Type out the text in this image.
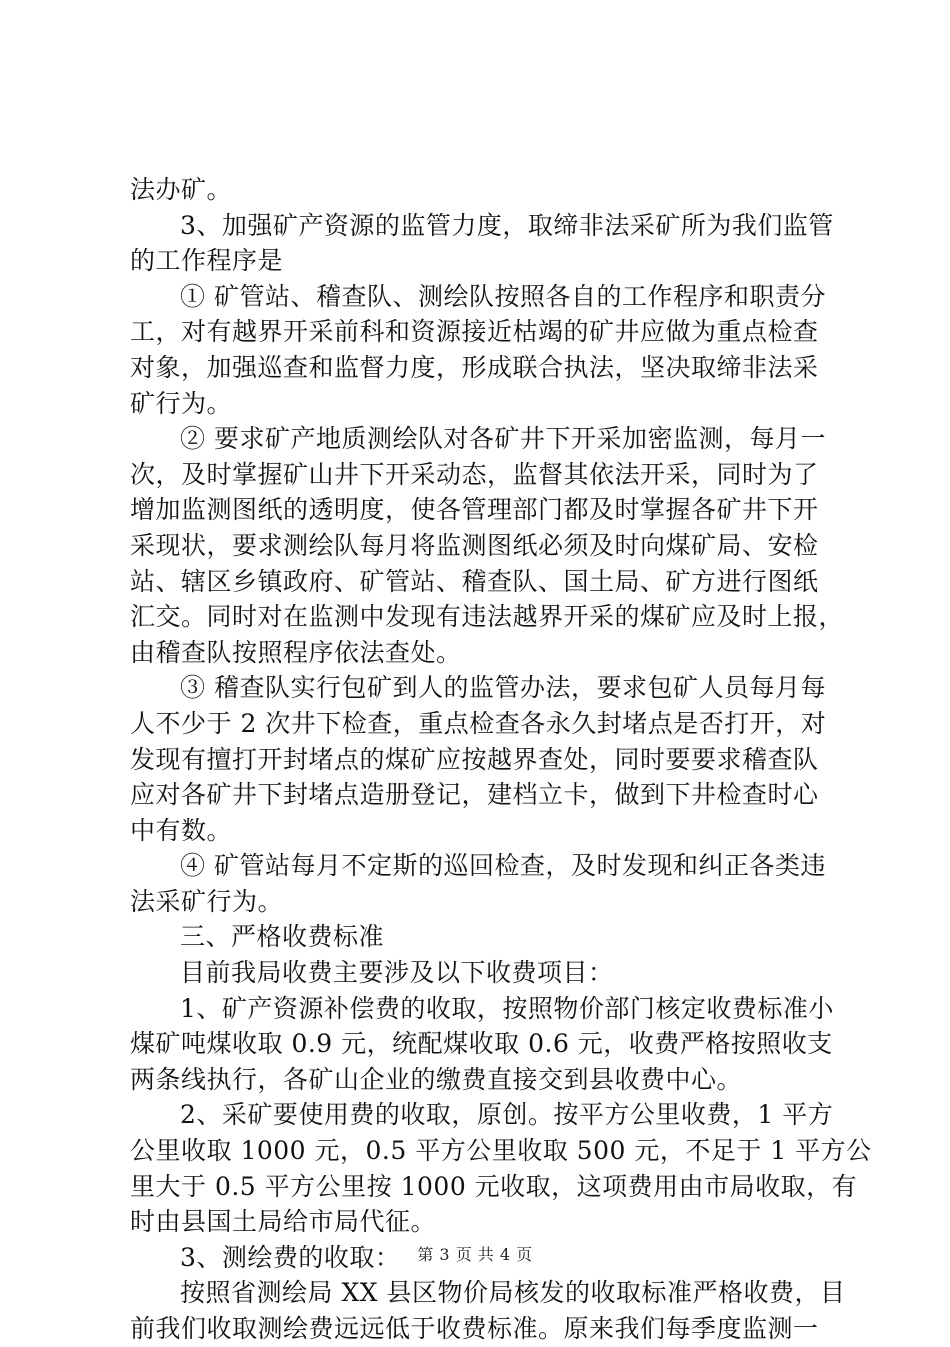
法办矿。
3、加强矿产资源的监管力度，取缔非法采矿所为我们监管
的工作程序是
① 矿管站、稽查队、测绘队按照各自的工作程序和职责分
工，对有越界开采前科和资源接近枯竭的矿井应做为重点检查
对象，加强巡查和监督力度，形成联合执法，坚决取缔非法采
矿行为。
② 要求矿产地质测绘队对各矿井下开采加密监测，每月一
次，及时掌握矿山井下开采动态，监督其依法开采，同时为了
增加监测图纸的透明度，使各管理部门都及时掌握各矿井下开
采现状，要求测绘队每月将监测图纸必须及时向煤矿局、安检
站、辖区乡镇政府、矿管站、稽查队、国土局、矿方进行图纸
汇交。同时对在监测中发现有违法越界开采的煤矿应及时上报，
由稽查队按照程序依法查处。
③ 稽查队实行包矿到人的监管办法，要求包矿人员每月每
人不少于 2 次井下检查，重点检查各永久封堵点是否打开，对
发现有擅打开封堵点的煤矿应按越界查处，同时要要求稽查队
应对各矿井下封堵点造册登记，建档立卡，做到下井检查时心
中有数。
④ 矿管站每月不定斯的巡回检查，及时发现和纠正各类违
法采矿行为。
三、严格收费标准
目前我局收费主要涉及以下收费项目：
1、矿产资源补偿费的收取，按照物价部门核定收费标准小
煤矿吨煤收取 0.9 元，统配煤收取 0.6 元，收费严格按照收支
两条线执行，各矿山企业的缴费直接交到县收费中心。
2、采矿要使用费的收取，原创。按平方公里收费，1 平方
公里收取 1000 元，0.5 平方公里收取 500 元，不足于 1 平方公
里大于 0.5 平方公里按 1000 元收取，这项费用由市局收取，有
时由县国土局给市局代征。
3、测绘费的收取：
按照省测绘局 XX 县区物价局核发的收取标准严格收费，目
前我们收取测绘费远远低于收费标准。原来我们每季度监测一
第 3 页 共 4 页
